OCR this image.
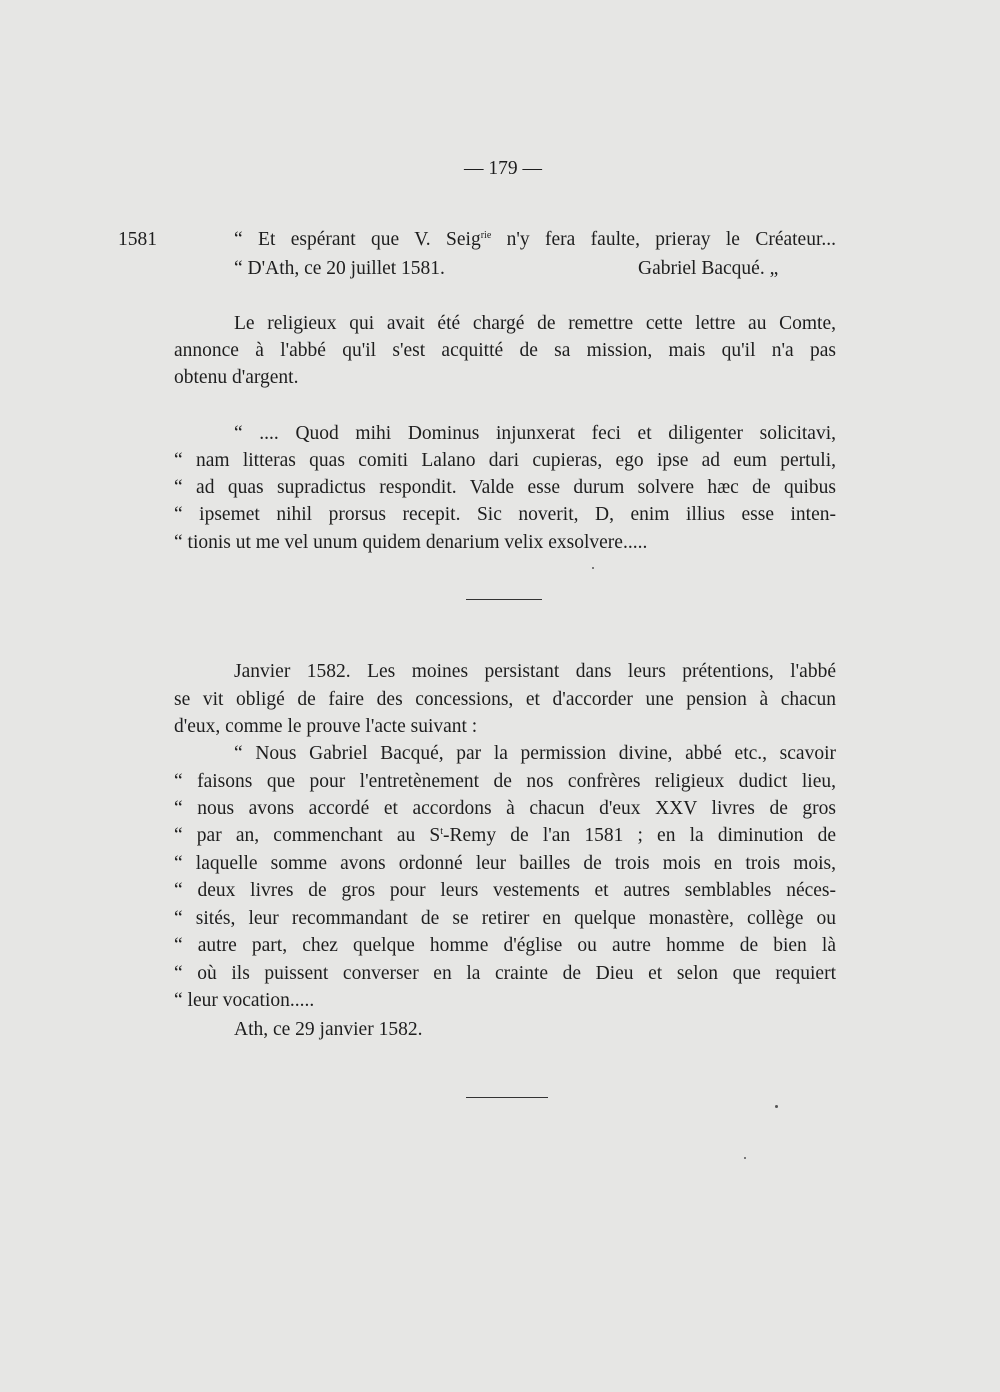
— 179 —
1581	“ Et espérant que V. Seig$^{rie}$ n'y fera faulte, prieray le Créateur...
“ D'Ath, ce 20 juillet 1581.	Gabriel Bacqué. „
Le religieux qui avait été chargé de remettre cette lettre au Comte,
annonce à l'abbé qu'il s'est acquitté de sa mission, mais qu'il n'a pas
obtenu d'argent.
“ .... Quod mihi Dominus injunxerat feci et diligenter solicitavi,
“ nam litteras quas comiti Lalano dari cupieras, ego ipse ad eum pertuli,
“ ad quas supradictus respondit. Valde esse durum solvere hæc de quibus
“ ipsemet nihil prorsus recepit. Sic noverit, D, enim illius esse inten-
“ tionis ut me vel unum quidem denarium velix exsolvere.....
Janvier 1582. Les moines persistant dans leurs prétentions, l'abbé
se vit obligé de faire des concessions, et d'accorder une pension à chacun
d'eux, comme le prouve l'acte suivant :
“ Nous Gabriel Bacqué, par la permission divine, abbé etc., scavoir
“ faisons que pour l'entretènement de nos confrères religieux dudict lieu,
“ nous avons accordé et accordons à chacun d'eux XXV livres de gros
“ par an, commenchant au $S^t$-Remy de l'an 1581 ; en la diminution de
“ laquelle somme avons ordonné leur bailles de trois mois en trois mois,
“ deux livres de gros pour leurs vestements et autres semblables néces-
“ sités, leur recommandant de se retirer en quelque monastère, collège ou
“ autre part, chez quelque homme d'église ou autre homme de bien là
“ où ils puissent converser en la crainte de Dieu et selon que requiert
“ leur vocation.....
Ath, ce 29 janvier 1582.
